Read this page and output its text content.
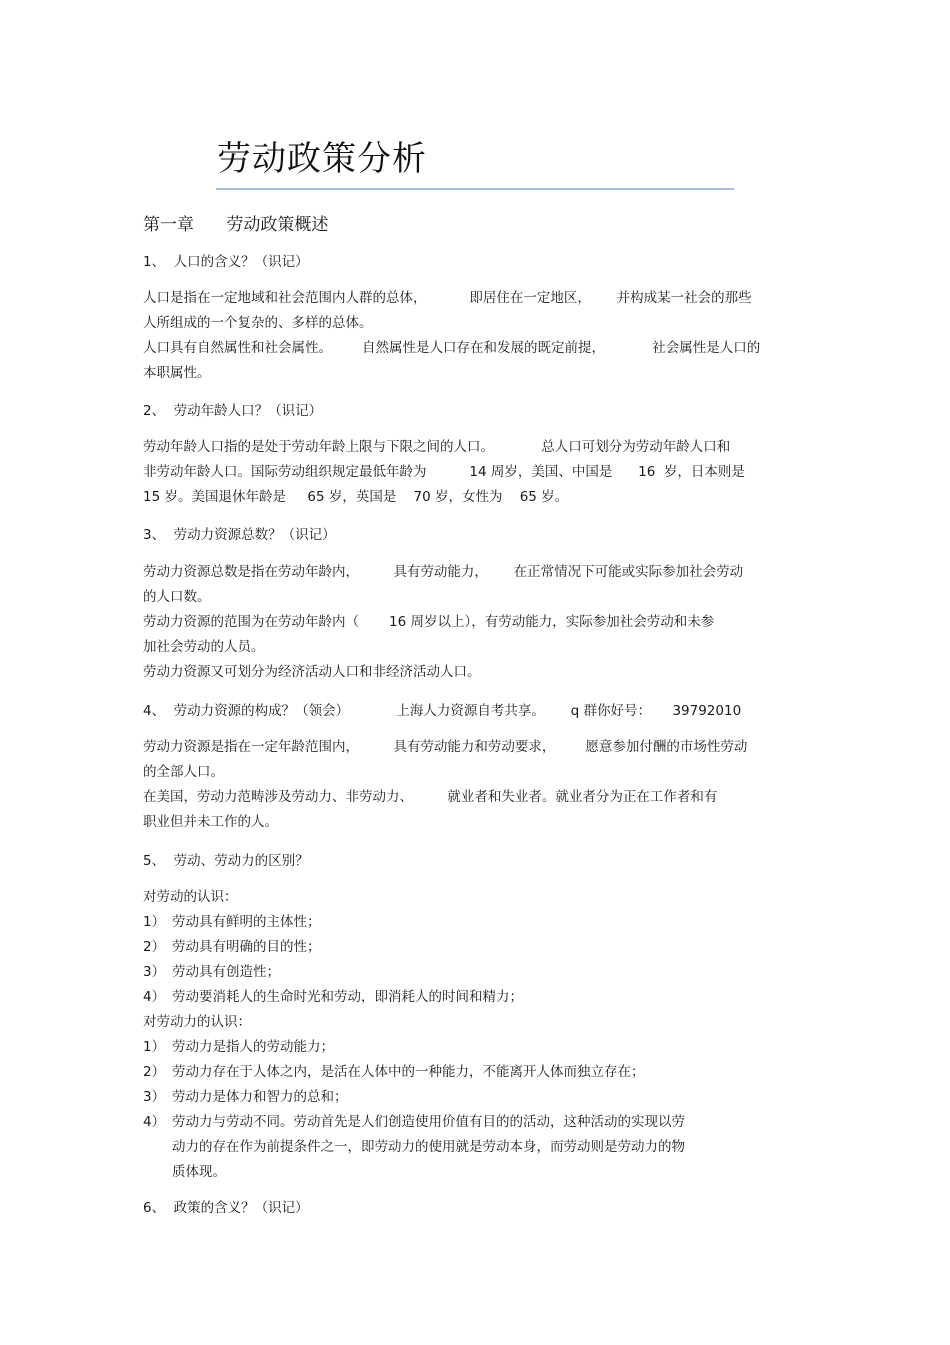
劳动政策分析
第一章      劳动政策概述
1、  人口的含义？（识记）
人口是指在一定地域和社会范围内人群的总体，          即居住在一定地区，      并构成某一社会的那些
人所组成的一个复杂的、多样的总体。
人口具有自然属性和社会属性。       自然属性是人口存在和发展的既定前提，           社会属性是人口的
本职属性。
2、  劳动年龄人口？（识记）
劳动年龄人口指的是处于劳动年龄上限与下限之间的人口。           总人口可划分为劳动年龄人口和
非劳动年龄人口。国际劳动组织规定最低年龄为          14 周岁，美国、中国是      16  岁，日本则是
15 岁。美国退休年龄是     65 岁，英国是    70 岁，女性为    65 岁。
3、  劳动力资源总数？（识记）
劳动力资源总数是指在劳动年龄内，        具有劳动能力，      在正常情况下可能或实际参加社会劳动
的人口数。
劳动力资源的范围为在劳动年龄内（       16 周岁以上），有劳动能力，实际参加社会劳动和未参
加社会劳动的人员。
劳动力资源又可划分为经济活动人口和非经济活动人口。
4、  劳动力资源的构成？（领会）           上海人力资源自考共享。      q 群你好号：     39792010
劳动力资源是指在一定年龄范围内，        具有劳动能力和劳动要求，       愿意参加付酬的市场性劳动
的全部人口。
在美国，劳动力范畴涉及劳动力、非劳动力、        就业者和失业者。就业者分为正在工作者和有
职业但并未工作的人。
5、  劳动、劳动力的区别？
对劳动的认识：
1） 劳动具有鲜明的主体性；
2） 劳动具有明确的目的性；
3） 劳动具有创造性；
4） 劳动要消耗人的生命时光和劳动，即消耗人的时间和精力；
对劳动力的认识：
1） 劳动力是指人的劳动能力；
2） 劳动力存在于人体之内，是活在人体中的一种能力，不能离开人体而独立存在；
3） 劳动力是体力和智力的总和；
4） 劳动力与劳动不同。劳动首先是人们创造使用价值有目的的活动，这种活动的实现以劳
动力的存在作为前提条件之一，即劳动力的使用就是劳动本身，而劳动则是劳动力的物
质体现。
6、  政策的含义？（识记）
